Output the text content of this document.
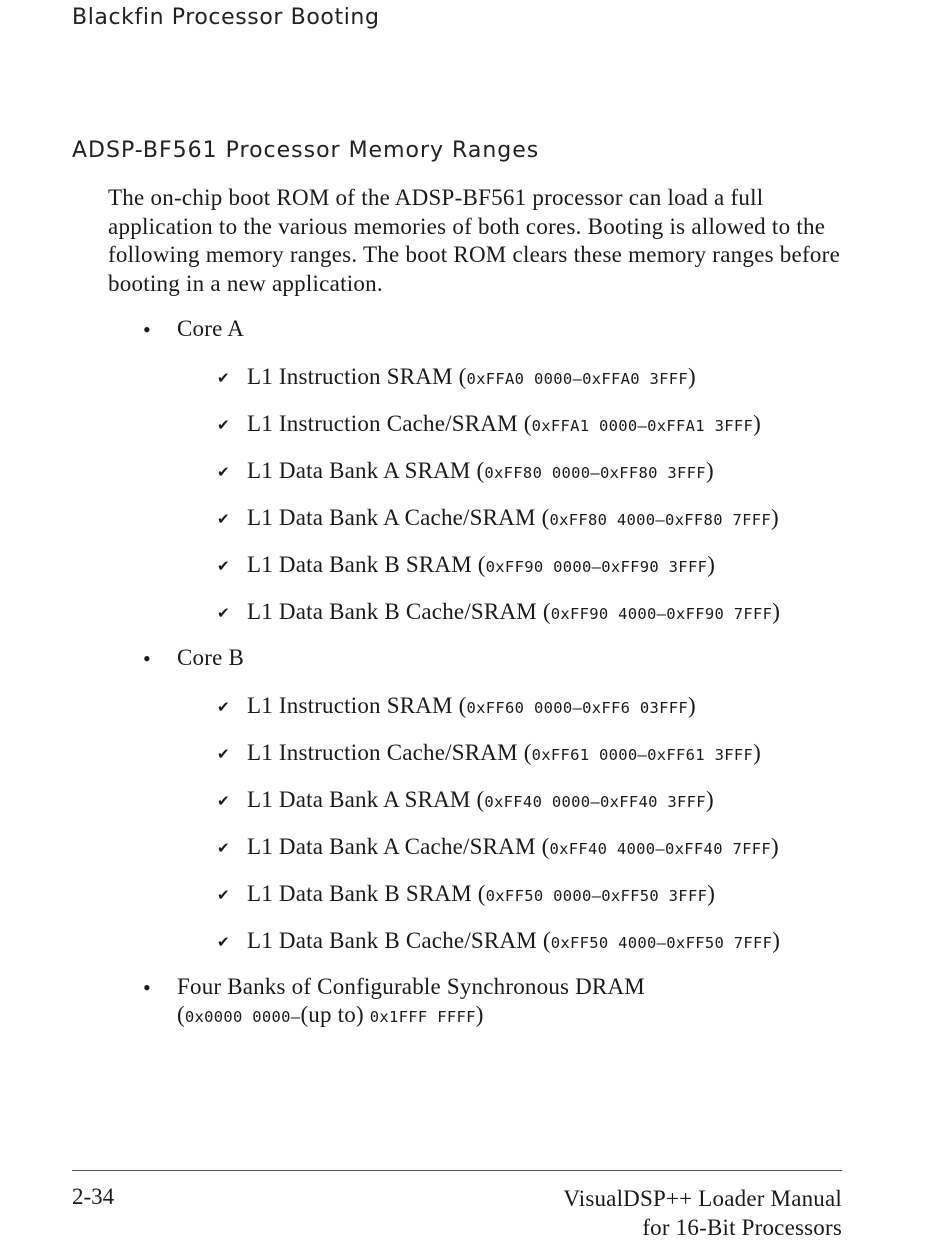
Blackfin Processor Booting
ADSP-BF561 Processor Memory Ranges

The on-chip boot ROM of the ADSP-BF561 processor can load a full application to the various memories of both cores. Booting is allowed to the following memory ranges. The boot ROM clears these memory ranges before booting in a new application.

• Core A
✔ L1 Instruction SRAM (0xFFA0 0000–0xFFA0 3FFF)
✔ L1 Instruction Cache/SRAM (0xFFA1 0000–0xFFA1 3FFF)
✔ L1 Data Bank A SRAM (0xFF80 0000–0xFF80 3FFF)
✔ L1 Data Bank A Cache/SRAM (0xFF80 4000–0xFF80 7FFF)
✔ L1 Data Bank B SRAM (0xFF90 0000–0xFF90 3FFF)
✔ L1 Data Bank B Cache/SRAM (0xFF90 4000–0xFF90 7FFF)
• Core B
✔ L1 Instruction SRAM (0xFF60 0000–0xFF6 03FFF)
✔ L1 Instruction Cache/SRAM (0xFF61 0000–0xFF61 3FFF)
✔ L1 Data Bank A SRAM (0xFF40 0000–0xFF40 3FFF)
✔ L1 Data Bank A Cache/SRAM (0xFF40 4000–0xFF40 7FFF)
✔ L1 Data Bank B SRAM (0xFF50 0000–0xFF50 3FFF)
✔ L1 Data Bank B Cache/SRAM (0xFF50 4000–0xFF50 7FFF)
• Four Banks of Configurable Synchronous DRAM
(0x0000 0000–(up to) 0x1FFF FFFF)
2-34	VisualDSP++ Loader Manual
for 16-Bit Processors
